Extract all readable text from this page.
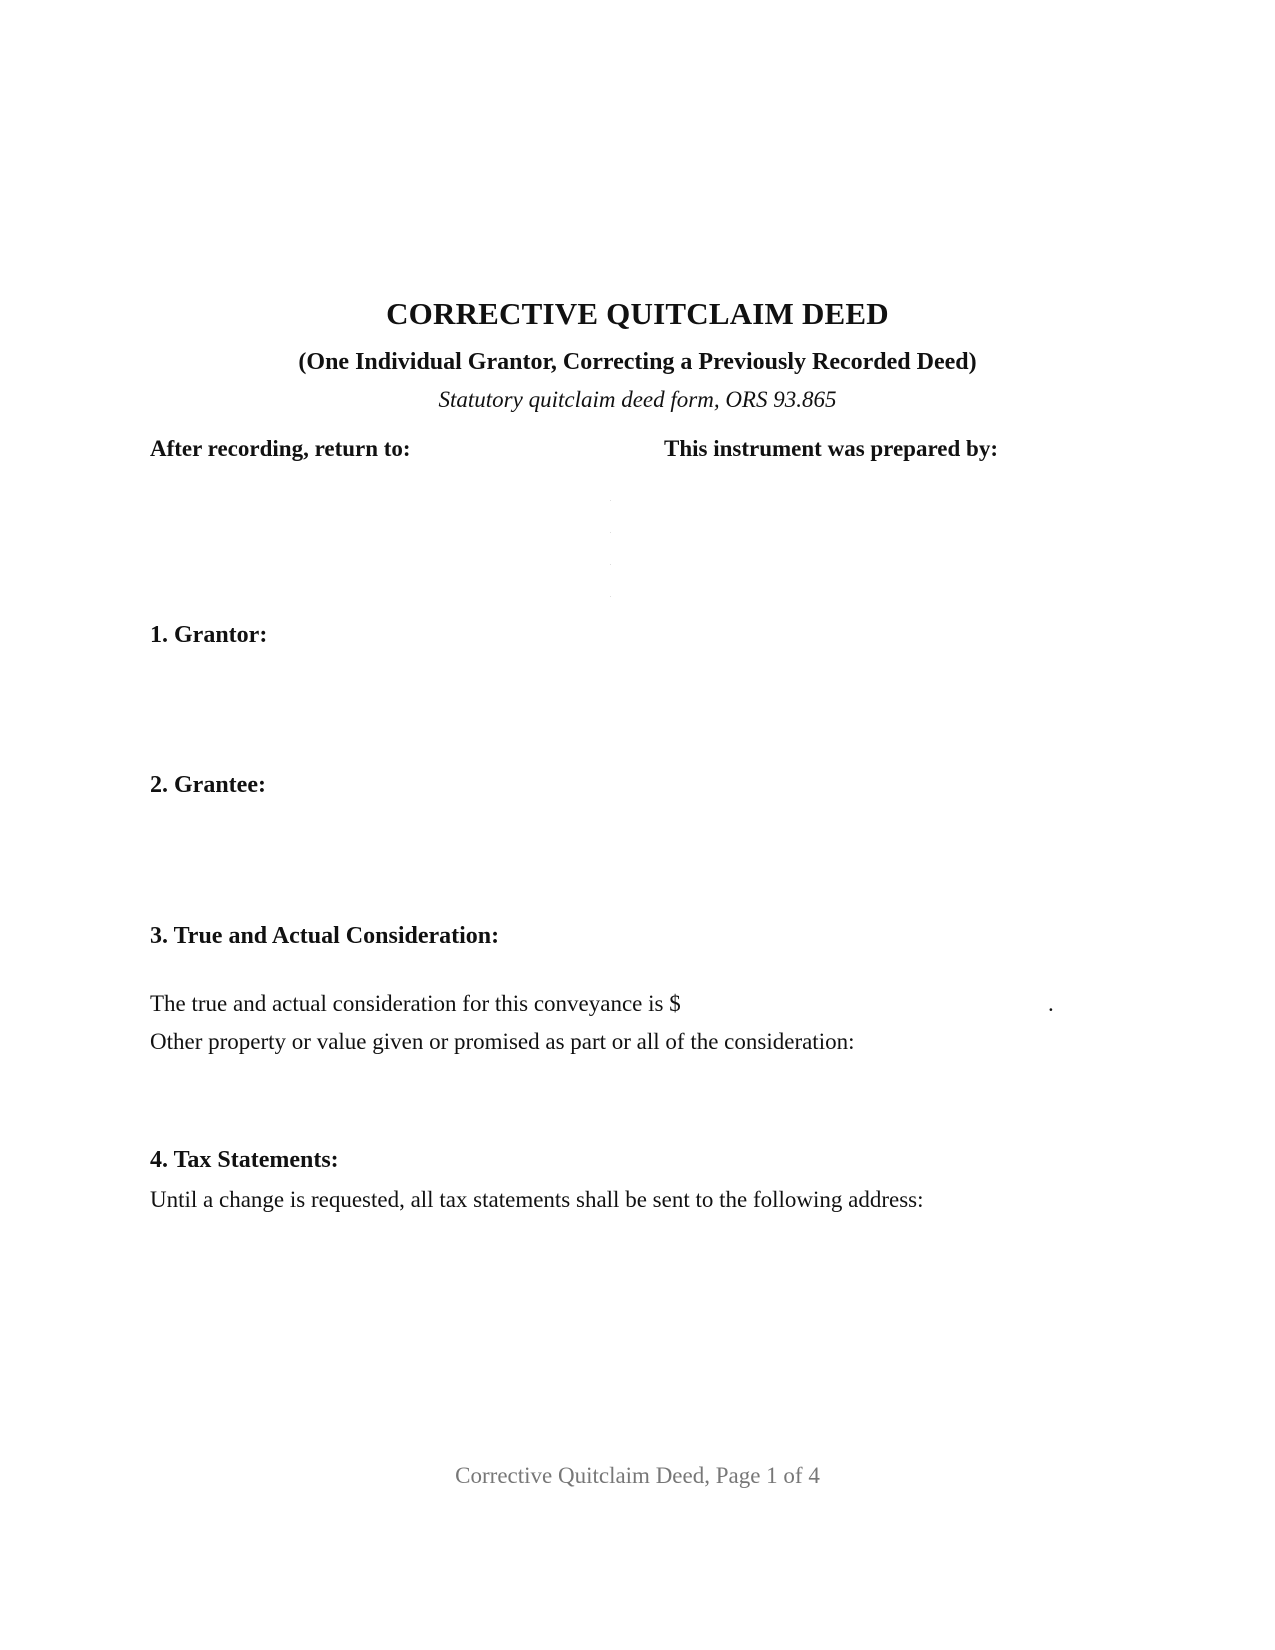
CORRECTIVE QUITCLAIM DEED
(One Individual Grantor, Correcting a Previously Recorded Deed)
Statutory quitclaim deed form, ORS 93.865
After recording, return to:	This instrument was prepared by:
1. Grantor:
2. Grantee:
3. True and Actual Consideration:
The true and actual consideration for this conveyance is $	.
Other property or value given or promised as part or all of the consideration:
4. Tax Statements:
Until a change is requested, all tax statements shall be sent to the following address:
Corrective Quitclaim Deed, Page 1 of 4
